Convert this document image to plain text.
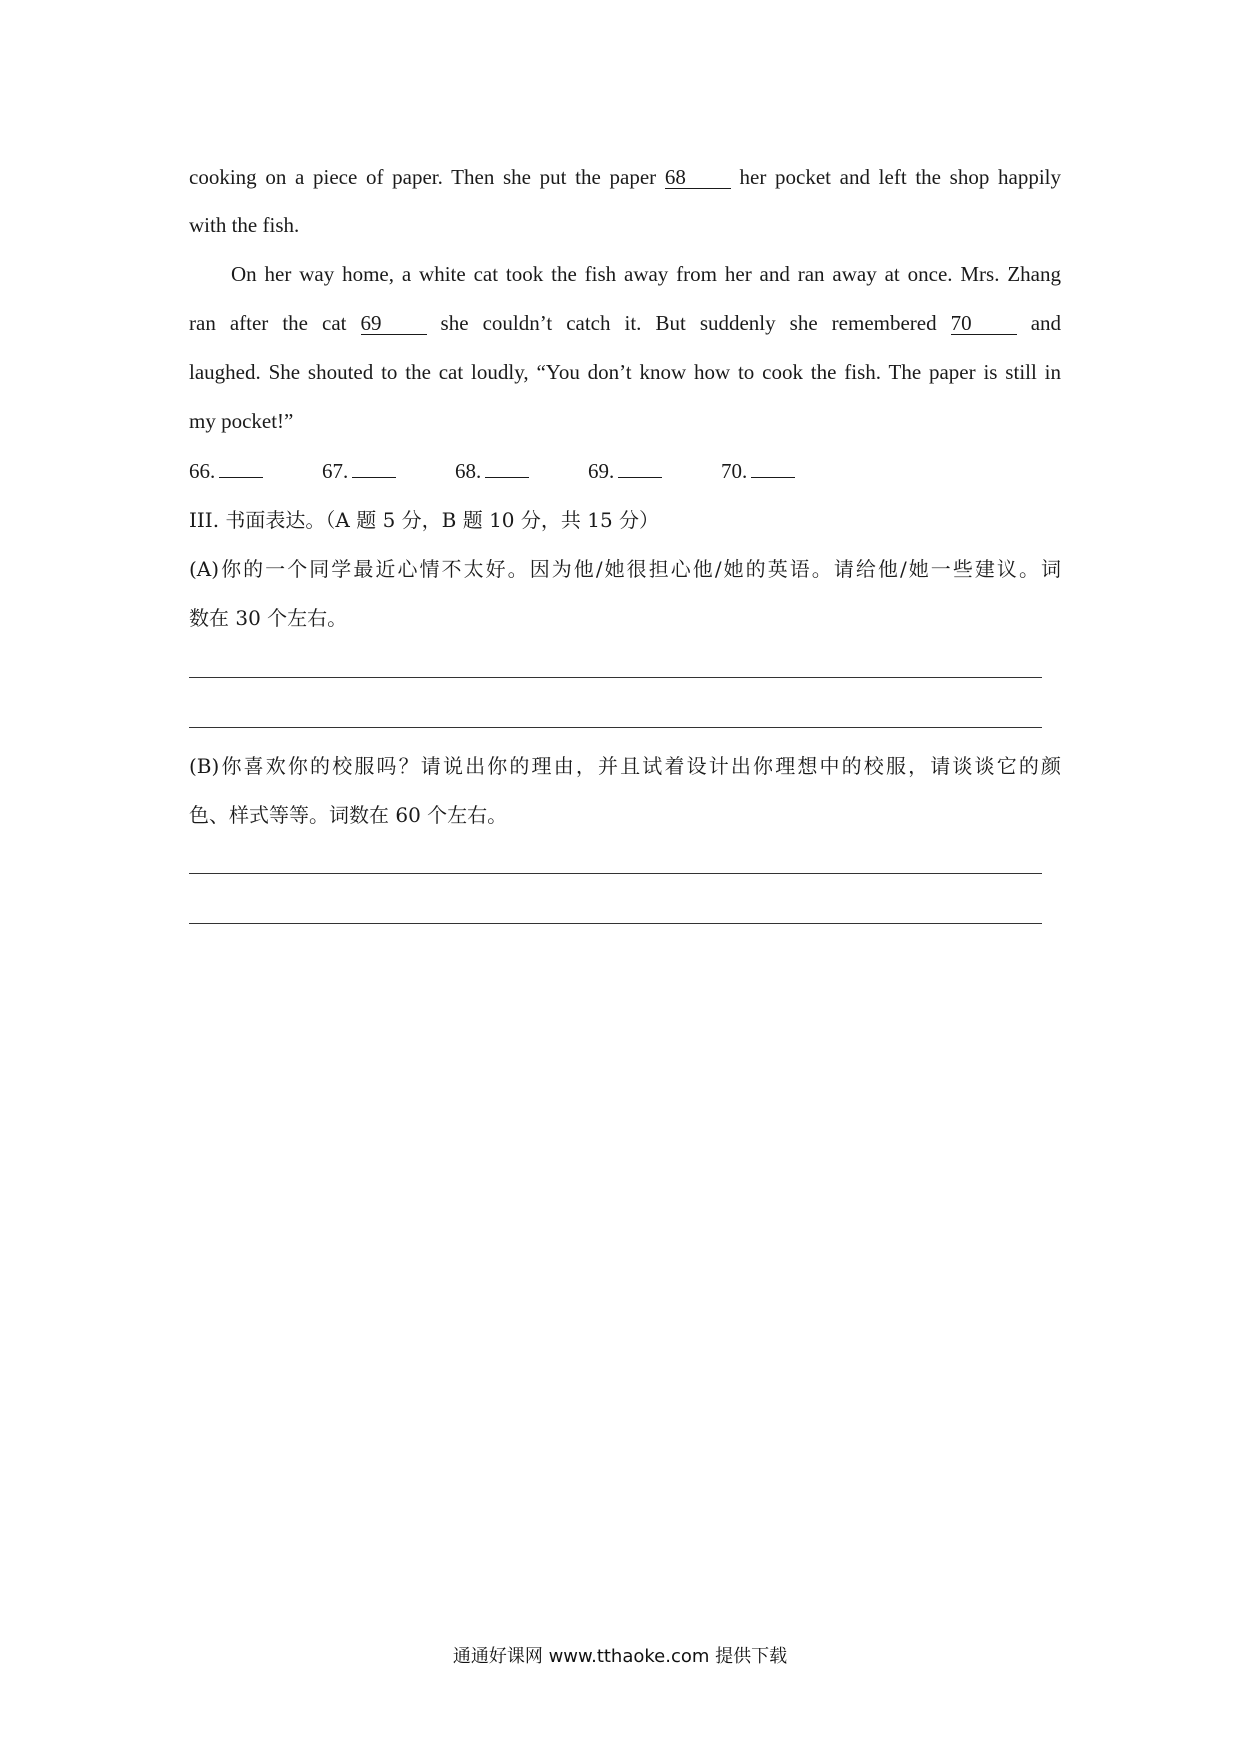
cooking on a piece of paper. Then she put the paper 68	her pocket and left the shop happily
with the fish.
On her way home, a white cat took the fish away from her and ran away at once. Mrs. Zhang
ran after the cat 69	she couldn’t catch it. But suddenly she remembered 70	and
laughed. She shouted to the cat loudly, “You don’t know how to cook the fish. The paper is still in
my pocket!”
66.	67.	68.	69.	70.
III. 书面表达。（A 题 5 分，B 题 10 分，共 15 分）
(A)你的一个同学最近心情不太好。因为他/她很担心他/她的英语。请给他/她一些建议。词
数在 30 个左右。
(B)你喜欢你的校服吗？请说出你的理由，并且试着设计出你理想中的校服，请谈谈它的颜
色、样式等等。词数在 60 个左右。
通通好课网 www.tthaoke.com 提供下载
